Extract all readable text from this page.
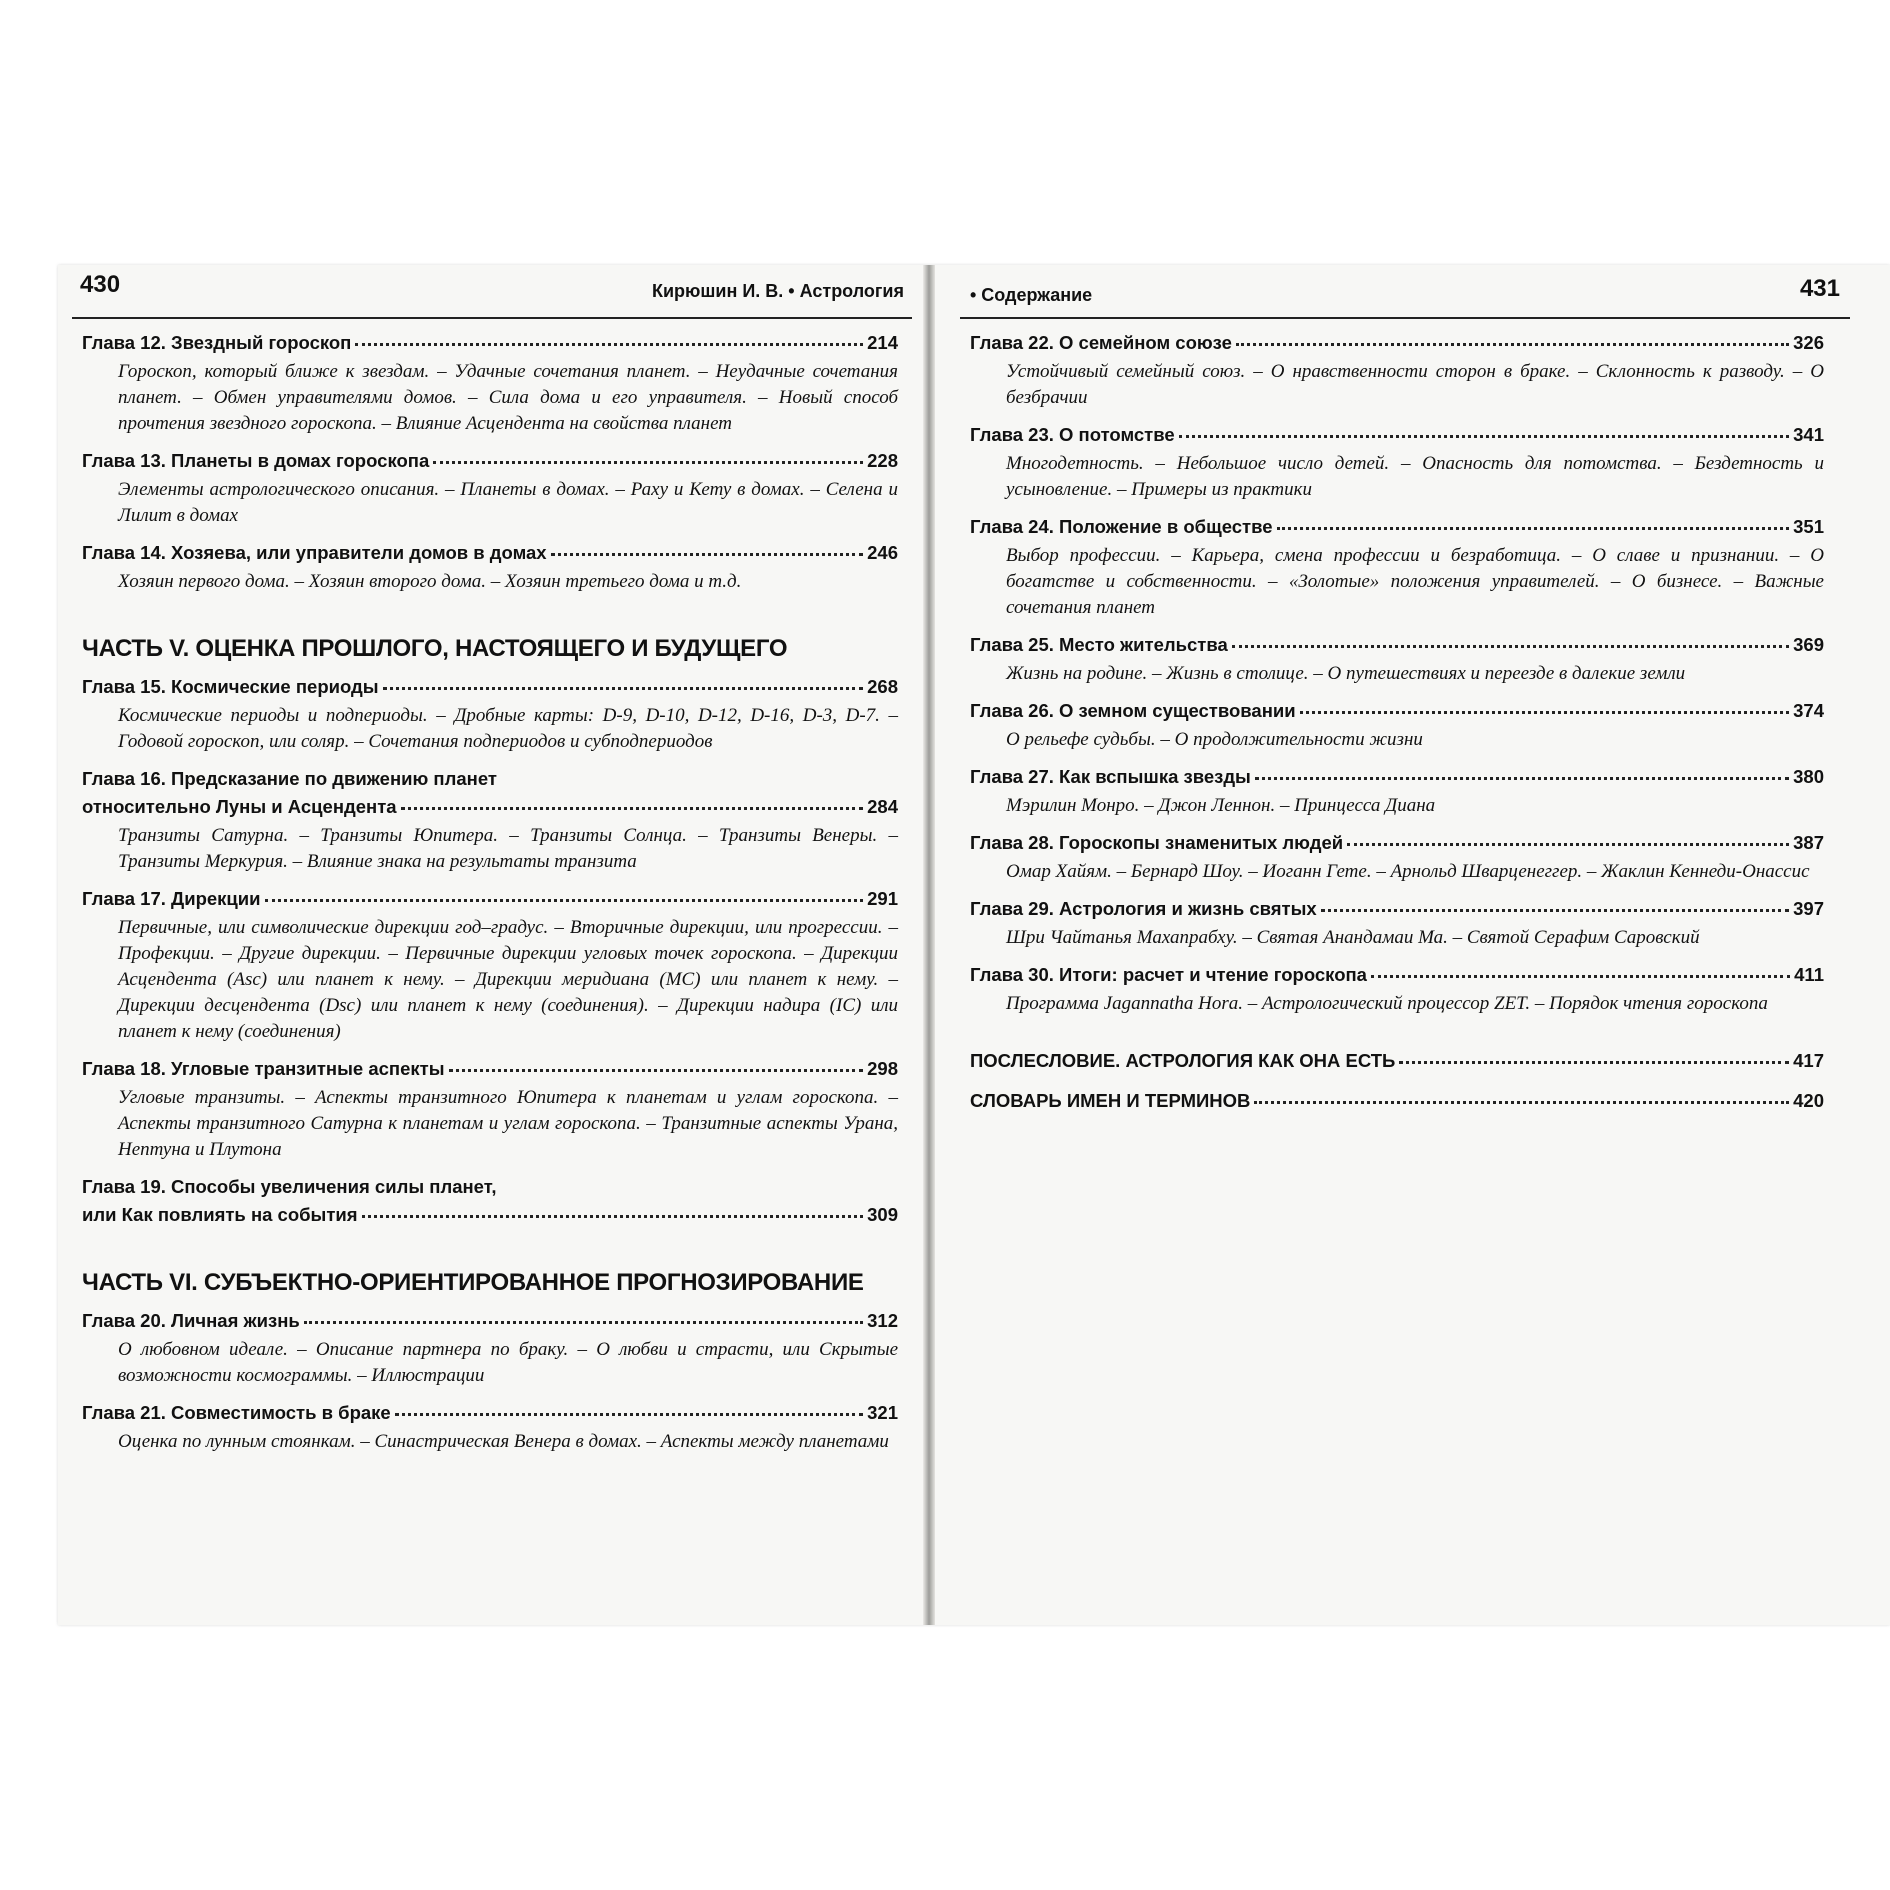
430	Кирюшин И. В. • Астрология
Глава 12. Звездный гороскоп	214
Гороскоп, который ближе к звездам. – Удачные сочетания планет. – Неудачные сочетания планет. – Обмен управителями домов. – Сила дома и его управителя. – Новый способ прочтения звездного гороскопа. – Влияние Асцендента на свойства планет
Глава 13. Планеты в домах гороскопа	228
Элементы астрологического описания. – Планеты в домах. – Раху и Кету в домах. – Селена и Лилит в домах
Глава 14. Хозяева, или управители домов в домах	246
Хозяин первого дома. – Хозяин второго дома. – Хозяин третьего дома и т.д.
ЧАСТЬ V. ОЦЕНКА ПРОШЛОГО, НАСТОЯЩЕГО И БУДУЩЕГО
Глава 15. Космические периоды	268
Космические периоды и подпериоды. – Дробные карты: D-9, D-10, D-12, D-16, D-3, D-7. – Годовой гороскоп, или соляр. – Сочетания подпериодов и субподпериодов
Глава 16. Предсказание по движению планет
относительно Луны и Асцендента	284
Транзиты Сатурна. – Транзиты Юпитера. – Транзиты Солнца. – Транзиты Венеры. – Транзиты Меркурия. – Влияние знака на результаты транзита
Глава 17. Дирекции	291
Первичные, или символические дирекции год–градус. – Вторичные дирекции, или прогрессии. – Профекции. – Другие дирекции. – Первичные дирекции угловых точек гороскопа. – Дирекции Асцендента (Asc) или планет к нему. – Дирекции меридиана (MC) или планет к нему. – Дирекции десцендента (Dsc) или планет к нему (соединения). – Дирекции надира (IC) или планет к нему (соединения)
Глава 18. Угловые транзитные аспекты	298
Угловые транзиты. – Аспекты транзитного Юпитера к планетам и углам гороскопа. – Аспекты транзитного Сатурна к планетам и углам гороскопа. – Транзитные аспекты Урана, Нептуна и Плутона
Глава 19. Способы увеличения силы планет,
или Как повлиять на события	309
ЧАСТЬ VI. СУБЪЕКТНО-ОРИЕНТИРОВАННОЕ ПРОГНОЗИРОВАНИЕ
Глава 20. Личная жизнь	312
О любовном идеале. – Описание партнера по браку. – О любви и страсти, или Скрытые возможности космограммы. – Иллюстрации
Глава 21. Совместимость в браке	321
Оценка по лунным стоянкам. – Синастрическая Венера в домах. – Аспекты между планетами
• Содержание	431
Глава 22. О семейном союзе	326
Устойчивый семейный союз. – О нравственности сторон в браке. – Склонность к разводу. – О безбрачии
Глава 23. О потомстве	341
Многодетность. – Небольшое число детей. – Опасность для потомства. – Бездетность и усыновление. – Примеры из практики
Глава 24. Положение в обществе	351
Выбор профессии. – Карьера, смена профессии и безработица. – О славе и признании. – О богатстве и собственности. – «Золотые» положения управителей. – О бизнесе. – Важные сочетания планет
Глава 25. Место жительства	369
Жизнь на родине. – Жизнь в столице. – О путешествиях и переезде в далекие земли
Глава 26. О земном существовании	374
О рельефе судьбы. – О продолжительности жизни
Глава 27. Как вспышка звезды	380
Мэрилин Монро. – Джон Леннон. – Принцесса Диана
Глава 28. Гороскопы знаменитых людей	387
Омар Хайям. – Бернард Шоу. – Иоганн Гете. – Арнольд Шварценеггер. – Жаклин Кеннеди-Онассис
Глава 29. Астрология и жизнь святых	397
Шри Чайтанья Махапрабху. – Святая Анандамаи Ма. – Святой Серафим Саровский
Глава 30. Итоги: расчет и чтение гороскопа	411
Программа Jagannatha Hora. – Астрологический процессор ZET. – Порядок чтения гороскопа
ПОСЛЕСЛОВИЕ. АСТРОЛОГИЯ КАК ОНА ЕСТЬ	417
СЛОВАРЬ ИМЕН И ТЕРМИНОВ	420
